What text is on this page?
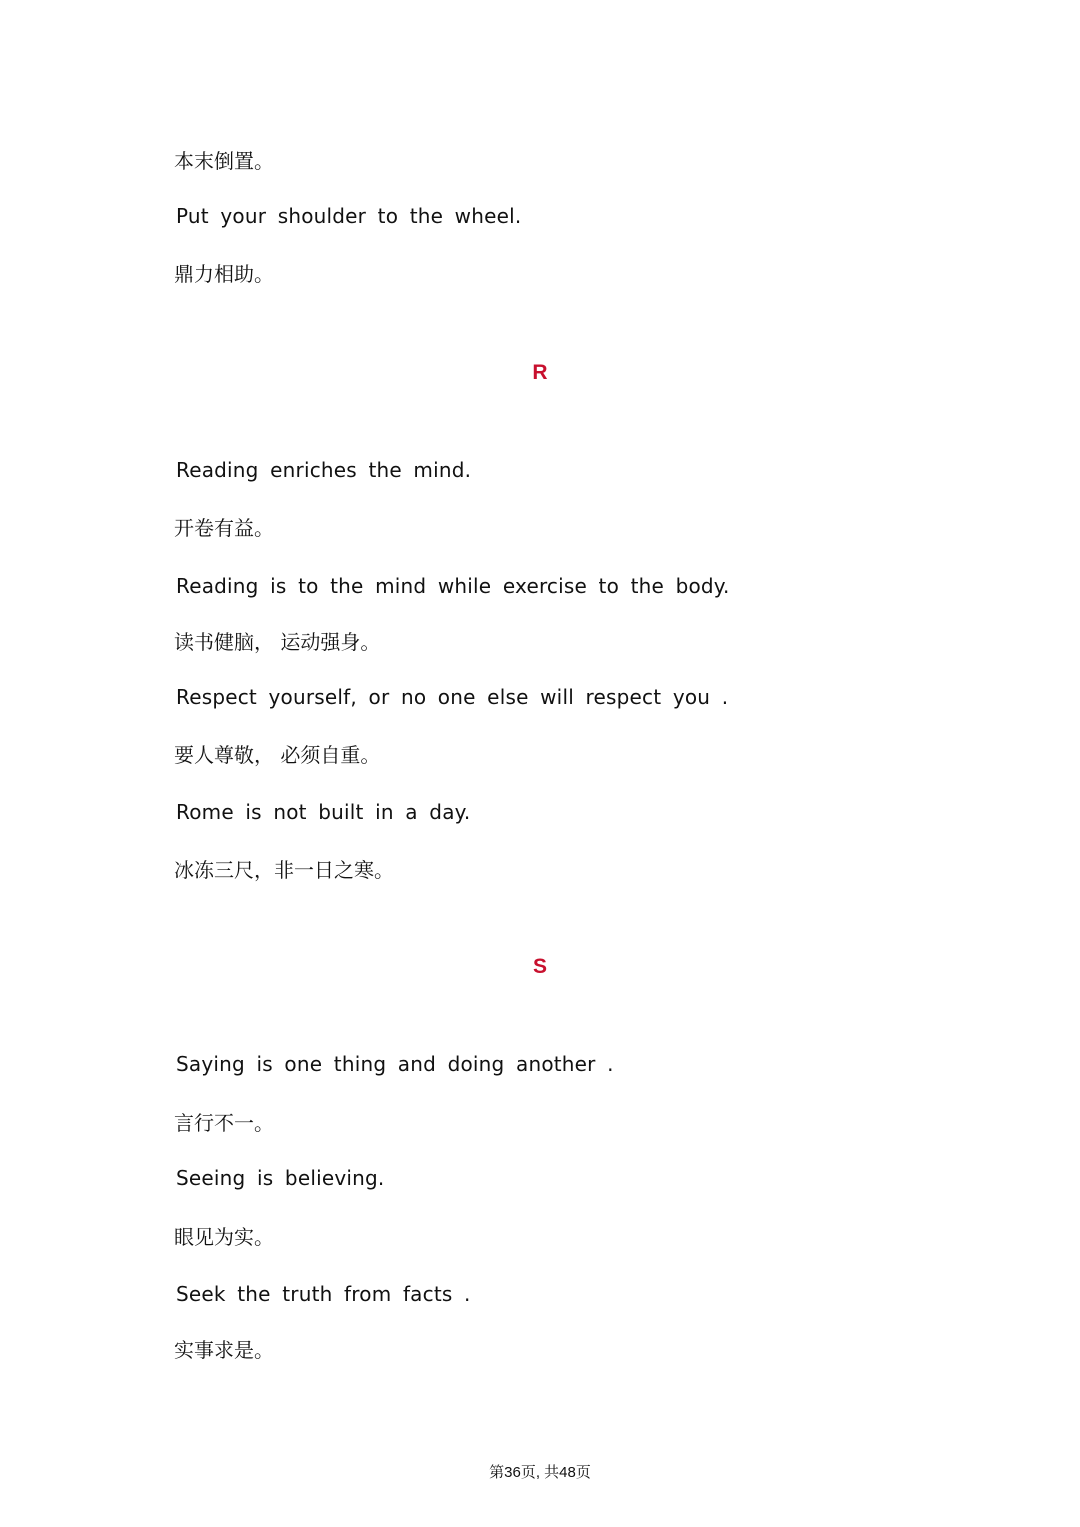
本末倒置。
Put your shoulder to the wheel.
鼎力相助。
R
Reading enriches the mind.
开卷有益。
Reading is to the mind while exercise to the body.
读书健脑， 运动强身。
Respect yourself, or no one else will respect you .
要人尊敬， 必须自重。
Rome is not built in a day.
冰冻三尺，非一日之寒。
S
Saying is one thing and doing another .
言行不一。
Seeing is believing.
眼见为实。
Seek the truth from facts .
实事求是。
第36页, 共48页
